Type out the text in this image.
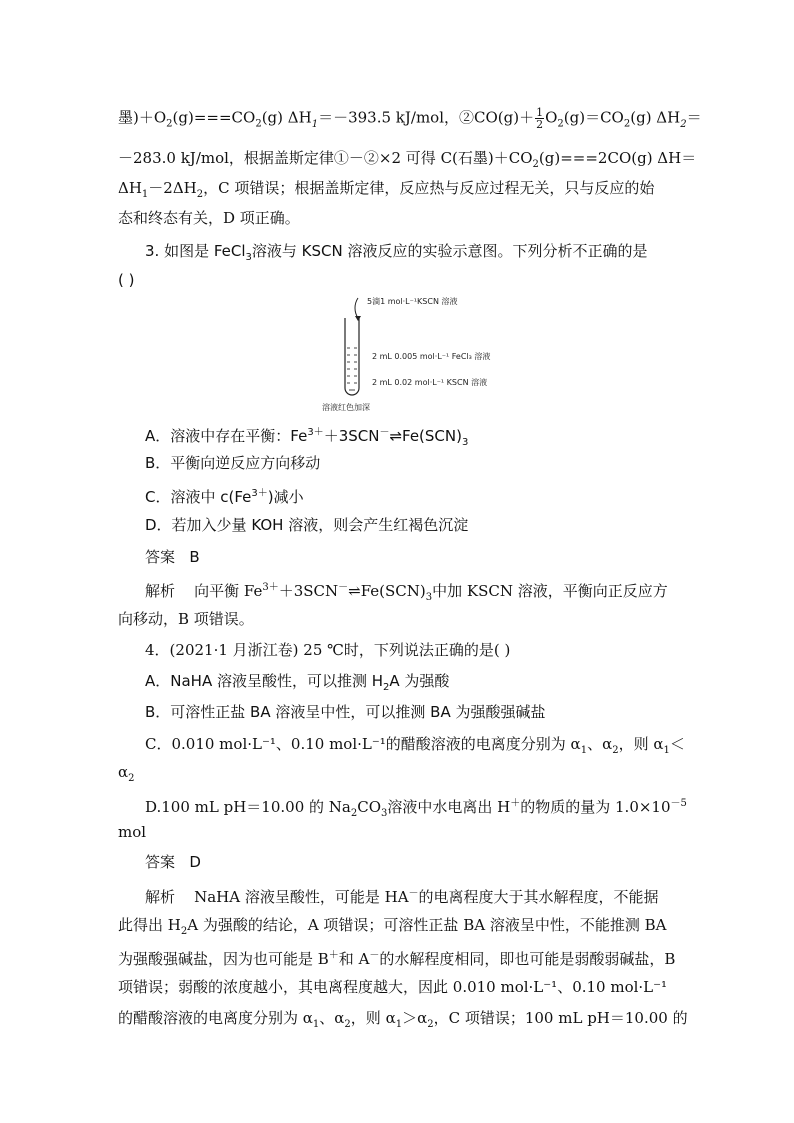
墨)$+O_2(g)===CO_2(g)$ $\Delta H_1=-393.5$ kJ/mol，②CO(g)＋ $\frac{1}{2} O_2(g)=CO_2(g)$ $\Delta H_2=$
－283.0 kJ/mol，根据盖斯定律①－②×2 可得 C(石墨)$+CO_2(g)===2CO(g)$ ΔH＝
$\Delta H_1-2\Delta H_2$，C 项错误；根据盖斯定律，反应热与反应过程无关，只与反应的始
态和终态有关，D 项正确。
3. 如图是 FeCl$_3$溶液与 KSCN 溶液反应的实验示意图。下列分析不正确的是
( )
5滴1 mol·L⁻¹KSCN 溶液
2 mL 0.005 mol·L⁻¹ FeCl₃ 溶液
2 mL 0.02 mol·L⁻¹ KSCN 溶液
溶液红色加深
A．溶液中存在平衡：$Fe^{3+}+3SCN^-\rightleftharpoons Fe(SCN)_3$
B．平衡向逆反应方向移动
C．溶液中 $c(Fe^{3+})$减小
D．若加入少量 KOH 溶液，则会产生红褐色沉淀
答案 B
解析 向平衡 $Fe^{3+}+3SCN^-\rightleftharpoons Fe(SCN)_3$中加 KSCN 溶液，平衡向正反应方
向移动，B 项错误。
4．(2021·1 月浙江卷) 25 ℃时，下列说法正确的是( )
A．NaHA 溶液呈酸性，可以推测 $H_2A$ 为强酸
B．可溶性正盐 BA 溶液呈中性，可以推测 BA 为强酸强碱盐
C．0.010 mol·L⁻¹、0.10 mol·L⁻¹的醋酸溶液的电离度分别为 $\alpha_1$、$\alpha_2$，则 $\alpha_1<$
$\alpha_2$
D.100 mL pH＝10.00 的 $Na_2CO_3$溶液中水电离出 H＋的物质的量为 $1.0\times 10^{-5}$
mol
答案 D
解析 NaHA 溶液呈酸性，可能是 HA－的电离程度大于其水解程度，不能据
此得出 $H_2A$ 为强酸的结论，A 项错误；可溶性正盐 BA 溶液呈中性，不能推测 BA
为强酸强碱盐，因为也可能是 B＋和 A－的水解程度相同，即也可能是弱酸弱碱盐，B
项错误；弱酸的浓度越小，其电离程度越大，因此 0.010 mol·L⁻¹、0.10 mol·L⁻¹
的醋酸溶液的电离度分别为 $\alpha_1$、$\alpha_2$，则 $\alpha_1>\alpha_2$，C 项错误；100 mL pH＝10.00 的
